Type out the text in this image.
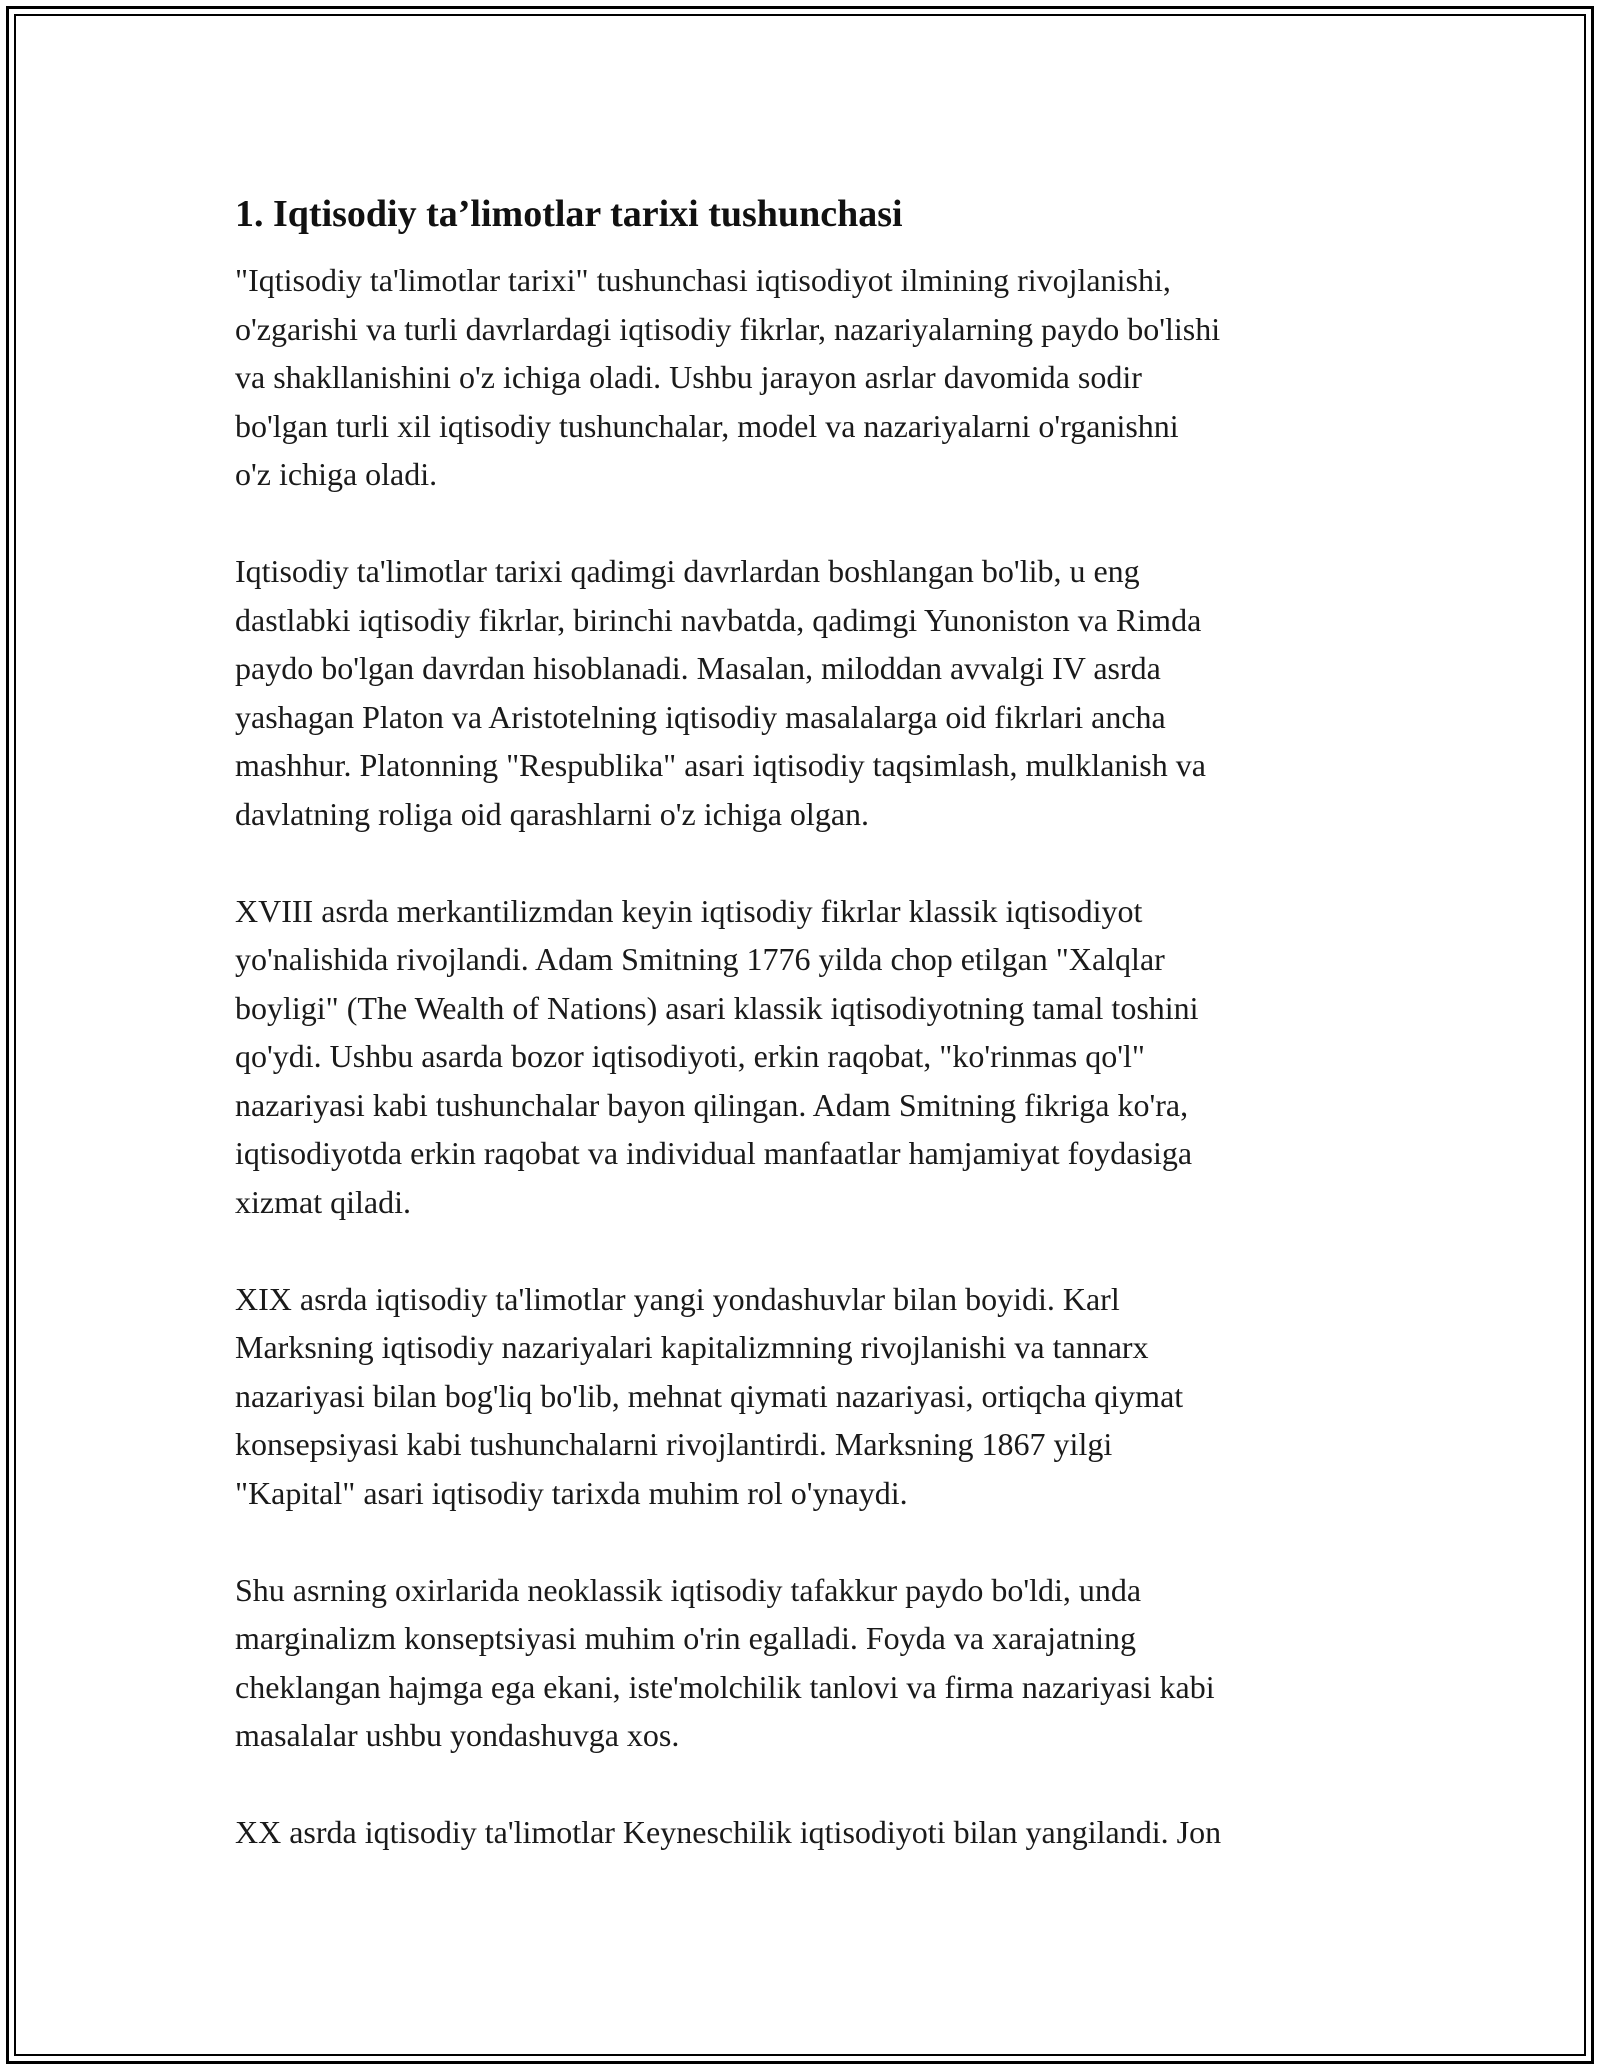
1. Iqtisodiy ta’limotlar tarixi tushunchasi

"Iqtisodiy ta'limotlar tarixi" tushunchasi iqtisodiyot ilmining rivojlanishi,
o'zgarishi va turli davrlardagi iqtisodiy fikrlar, nazariyalarning paydo bo'lishi
va shakllanishini o'z ichiga oladi. Ushbu jarayon asrlar davomida sodir
bo'lgan turli xil iqtisodiy tushunchalar, model va nazariyalarni o'rganishni
o'z ichiga oladi.

Iqtisodiy ta'limotlar tarixi qadimgi davrlardan boshlangan bo'lib, u eng
dastlabki iqtisodiy fikrlar, birinchi navbatda, qadimgi Yunoniston va Rimda
paydo bo'lgan davrdan hisoblanadi. Masalan, miloddan avvalgi IV asrda
yashagan Platon va Aristotelning iqtisodiy masalalarga oid fikrlari ancha
mashhur. Platonning "Respublika" asari iqtisodiy taqsimlash, mulklanish va
davlatning roliga oid qarashlarni o'z ichiga olgan.

XVIII asrda merkantilizmdan keyin iqtisodiy fikrlar klassik iqtisodiyot
yo'nalishida rivojlandi. Adam Smitning 1776 yilda chop etilgan "Xalqlar
boyligi" (The Wealth of Nations) asari klassik iqtisodiyotning tamal toshini
qo'ydi. Ushbu asarda bozor iqtisodiyoti, erkin raqobat, "ko'rinmas qo'l"
nazariyasi kabi tushunchalar bayon qilingan. Adam Smitning fikriga ko'ra,
iqtisodiyotda erkin raqobat va individual manfaatlar hamjamiyat foydasiga
xizmat qiladi.

XIX asrda iqtisodiy ta'limotlar yangi yondashuvlar bilan boyidi. Karl
Marksning iqtisodiy nazariyalari kapitalizmning rivojlanishi va tannarx
nazariyasi bilan bog'liq bo'lib, mehnat qiymati nazariyasi, ortiqcha qiymat
konsepsiyasi kabi tushunchalarni rivojlantirdi. Marksning 1867 yilgi
"Kapital" asari iqtisodiy tarixda muhim rol o'ynaydi.

Shu asrning oxirlarida neoklassik iqtisodiy tafakkur paydo bo'ldi, unda
marginalizm konseptsiyasi muhim o'rin egalladi. Foyda va xarajatning
cheklangan hajmga ega ekani, iste'molchilik tanlovi va firma nazariyasi kabi
masalalar ushbu yondashuvga xos.

XX asrda iqtisodiy ta'limotlar Keyneschilik iqtisodiyoti bilan yangilandi. Jon
